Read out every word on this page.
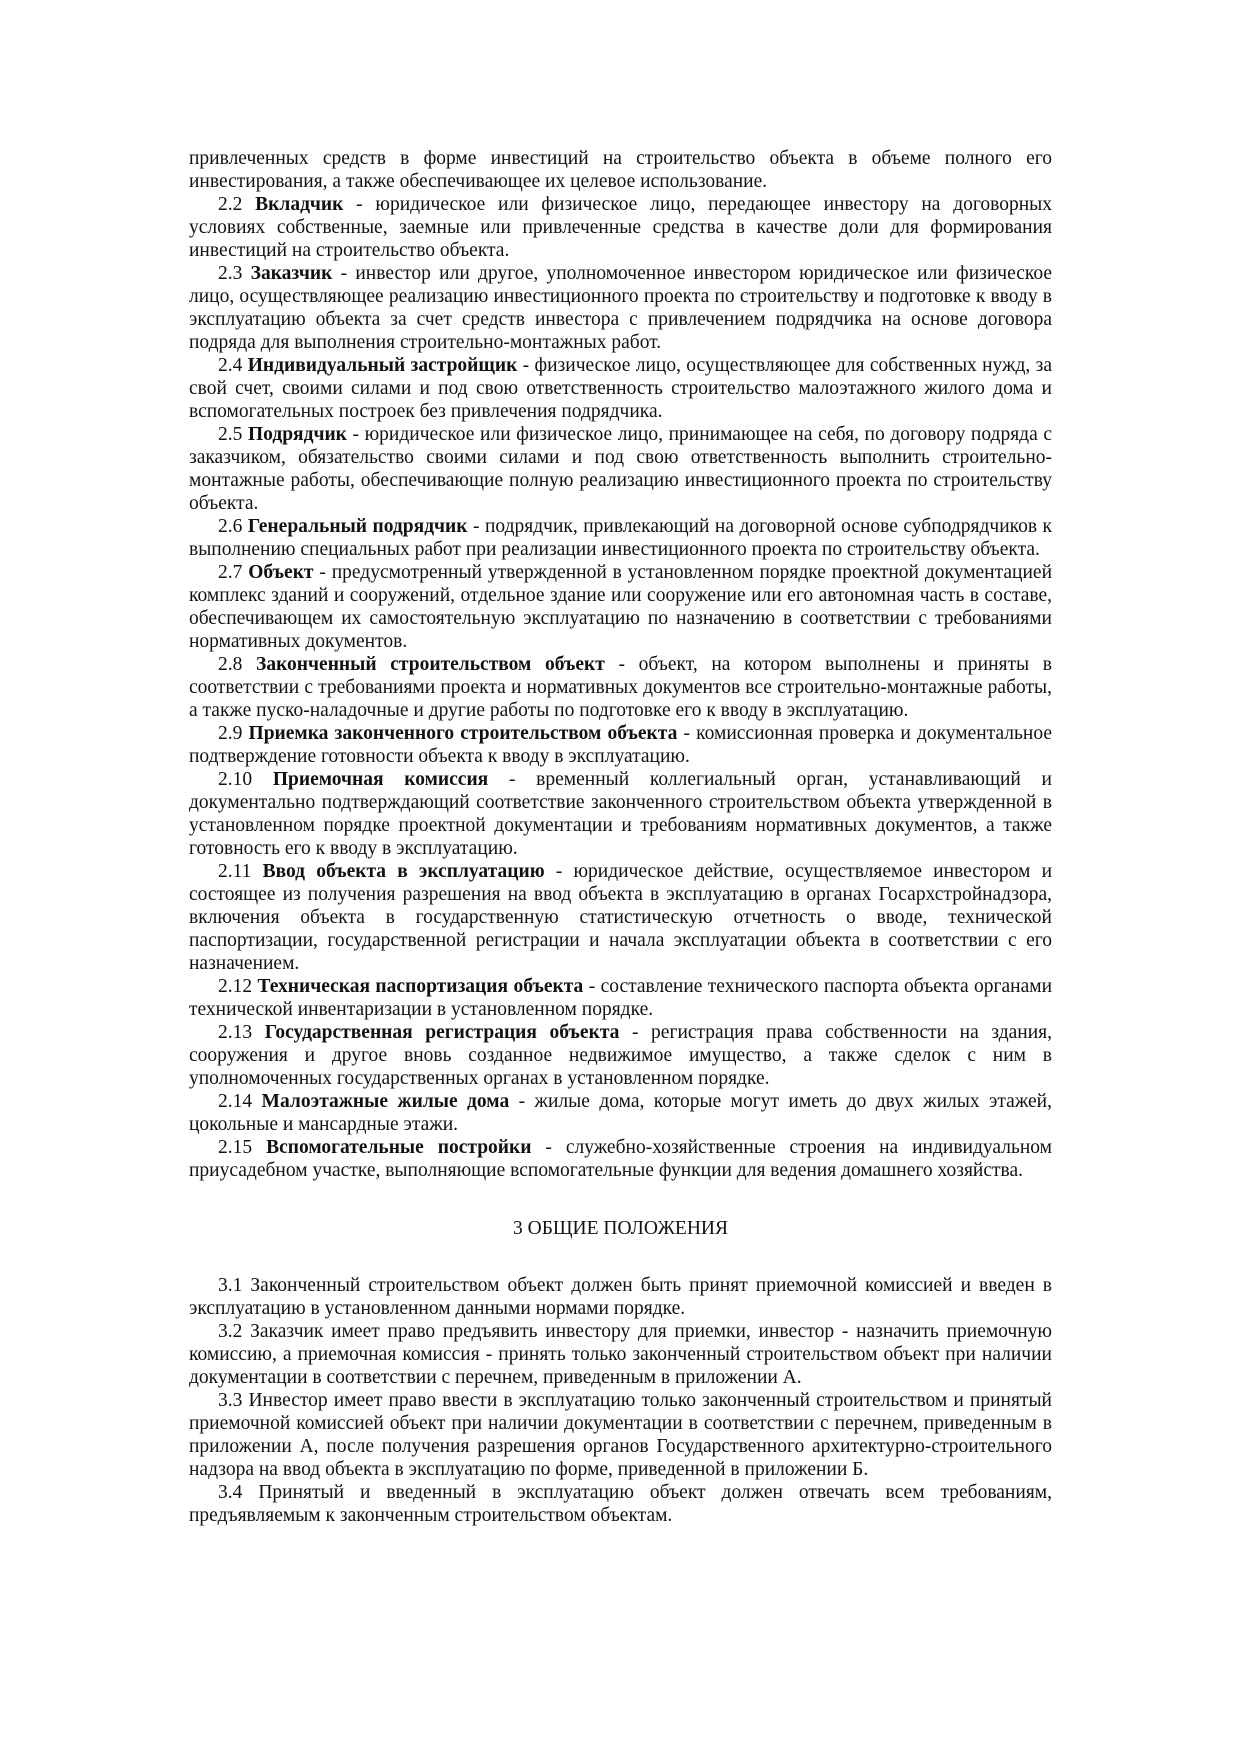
привлеченных средств в форме инвестиций на строительство объекта в объеме полного его инвестирования, а также обеспечивающее их целевое использование.

2.2 Вкладчик - юридическое или физическое лицо, передающее инвестору на договорных условиях собственные, заемные или привлеченные средства в качестве доли для формирования инвестиций на строительство объекта.

2.3 Заказчик - инвестор или другое, уполномоченное инвестором юридическое или физическое лицо, осуществляющее реализацию инвестиционного проекта по строительству и подготовке к вводу в эксплуатацию объекта за счет средств инвестора с привлечением подрядчика на основе договора подряда для выполнения строительно-монтажных работ.

2.4 Индивидуальный застройщик - физическое лицо, осуществляющее для собственных нужд, за свой счет, своими силами и под свою ответственность строительство малоэтажного жилого дома и вспомогательных построек без привлечения подрядчика.

2.5 Подрядчик - юридическое или физическое лицо, принимающее на себя, по договору подряда с заказчиком, обязательство своими силами и под свою ответственность выполнить строительно-монтажные работы, обеспечивающие полную реализацию инвестиционного проекта по строительству объекта.

2.6 Генеральный подрядчик - подрядчик, привлекающий на договорной основе субподрядчиков к выполнению специальных работ при реализации инвестиционного проекта по строительству объекта.

2.7 Объект - предусмотренный утвержденной в установленном порядке проектной документацией комплекс зданий и сооружений, отдельное здание или сооружение или его автономная часть в составе, обеспечивающем их самостоятельную эксплуатацию по назначению в соответствии с требованиями нормативных документов.

2.8 Законченный строительством объект - объект, на котором выполнены и приняты в соответствии с требованиями проекта и нормативных документов все строительно-монтажные работы, а также пуско-наладочные и другие работы по подготовке его к вводу в эксплуатацию.

2.9 Приемка законченного строительством объекта - комиссионная проверка и документальное подтверждение готовности объекта к вводу в эксплуатацию.

2.10 Приемочная комиссия - временный коллегиальный орган, устанавливающий и документально подтверждающий соответствие законченного строительством объекта утвержденной в установленном порядке проектной документации и требованиям нормативных документов, а также готовность его к вводу в эксплуатацию.

2.11 Ввод объекта в эксплуатацию - юридическое действие, осуществляемое инвестором и состоящее из получения разрешения на ввод объекта в эксплуатацию в органах Госархстройнадзора, включения объекта в государственную статистическую отчетность о вводе, технической паспортизации, государственной регистрации и начала эксплуатации объекта в соответствии с его назначением.

2.12 Техническая паспортизация объекта - составление технического паспорта объекта органами технической инвентаризации в установленном порядке.

2.13 Государственная регистрация объекта - регистрация права собственности на здания, сооружения и другое вновь созданное недвижимое имущество, а также сделок с ним в уполномоченных государственных органах в установленном порядке.

2.14 Малоэтажные жилые дома - жилые дома, которые могут иметь до двух жилых этажей, цокольные и мансардные этажи.

2.15 Вспомогательные постройки - служебно-хозяйственные строения на индивидуальном приусадебном участке, выполняющие вспомогательные функции для ведения домашнего хозяйства.

3 ОБЩИЕ ПОЛОЖЕНИЯ

3.1 Законченный строительством объект должен быть принят приемочной комиссией и введен в эксплуатацию в установленном данными нормами порядке.

3.2 Заказчик имеет право предъявить инвестору для приемки, инвестор - назначить приемочную комиссию, а приемочная комиссия - принять только законченный строительством объект при наличии документации в соответствии с перечнем, приведенным в приложении А.

3.3 Инвестор имеет право ввести в эксплуатацию только законченный строительством и принятый приемочной комиссией объект при наличии документации в соответствии с перечнем, приведенным в приложении А, после получения разрешения органов Государственного архитектурно-строительного надзора на ввод объекта в эксплуатацию по форме, приведенной в приложении Б.

3.4 Принятый и введенный в эксплуатацию объект должен отвечать всем требованиям, предъявляемым к законченным строительством объектам.
